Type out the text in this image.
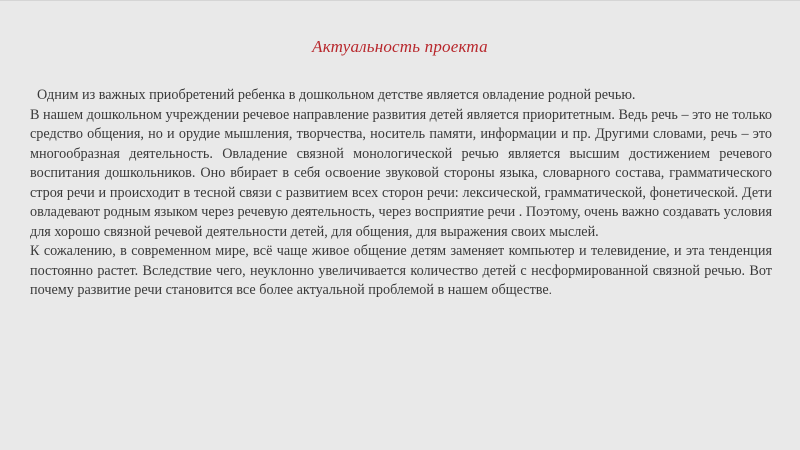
Актуальность проекта

Одним из важных приобретений ребенка в дошкольном детстве является овладение родной речью.

В нашем дошкольном учреждении речевое направление развития детей является приоритетным. Ведь речь – это не только средство общения, но и орудие мышления, творчества, носитель памяти, информации и пр. Другими словами, речь – это многообразная деятельность. Овладение связной монологической речью является высшим достижением речевого воспитания дошкольников. Оно вбирает в себя освоение звуковой стороны языка, словарного состава, грамматического строя речи и происходит в тесной связи с развитием всех сторон речи: лексической, грамматической, фонетической. Дети овладевают родным языком через речевую деятельность, через восприятие речи . Поэтому, очень важно создавать условия для хорошо связной речевой деятельности детей, для общения, для выражения своих мыслей.

К сожалению, в современном мире, всё чаще живое общение детям заменяет компьютер и телевидение, и эта тенденция постоянно растет. Вследствие чего, неуклонно увеличивается количество детей с несформированной связной речью. Вот почему развитие речи становится все более актуальной проблемой в нашем обществе.
